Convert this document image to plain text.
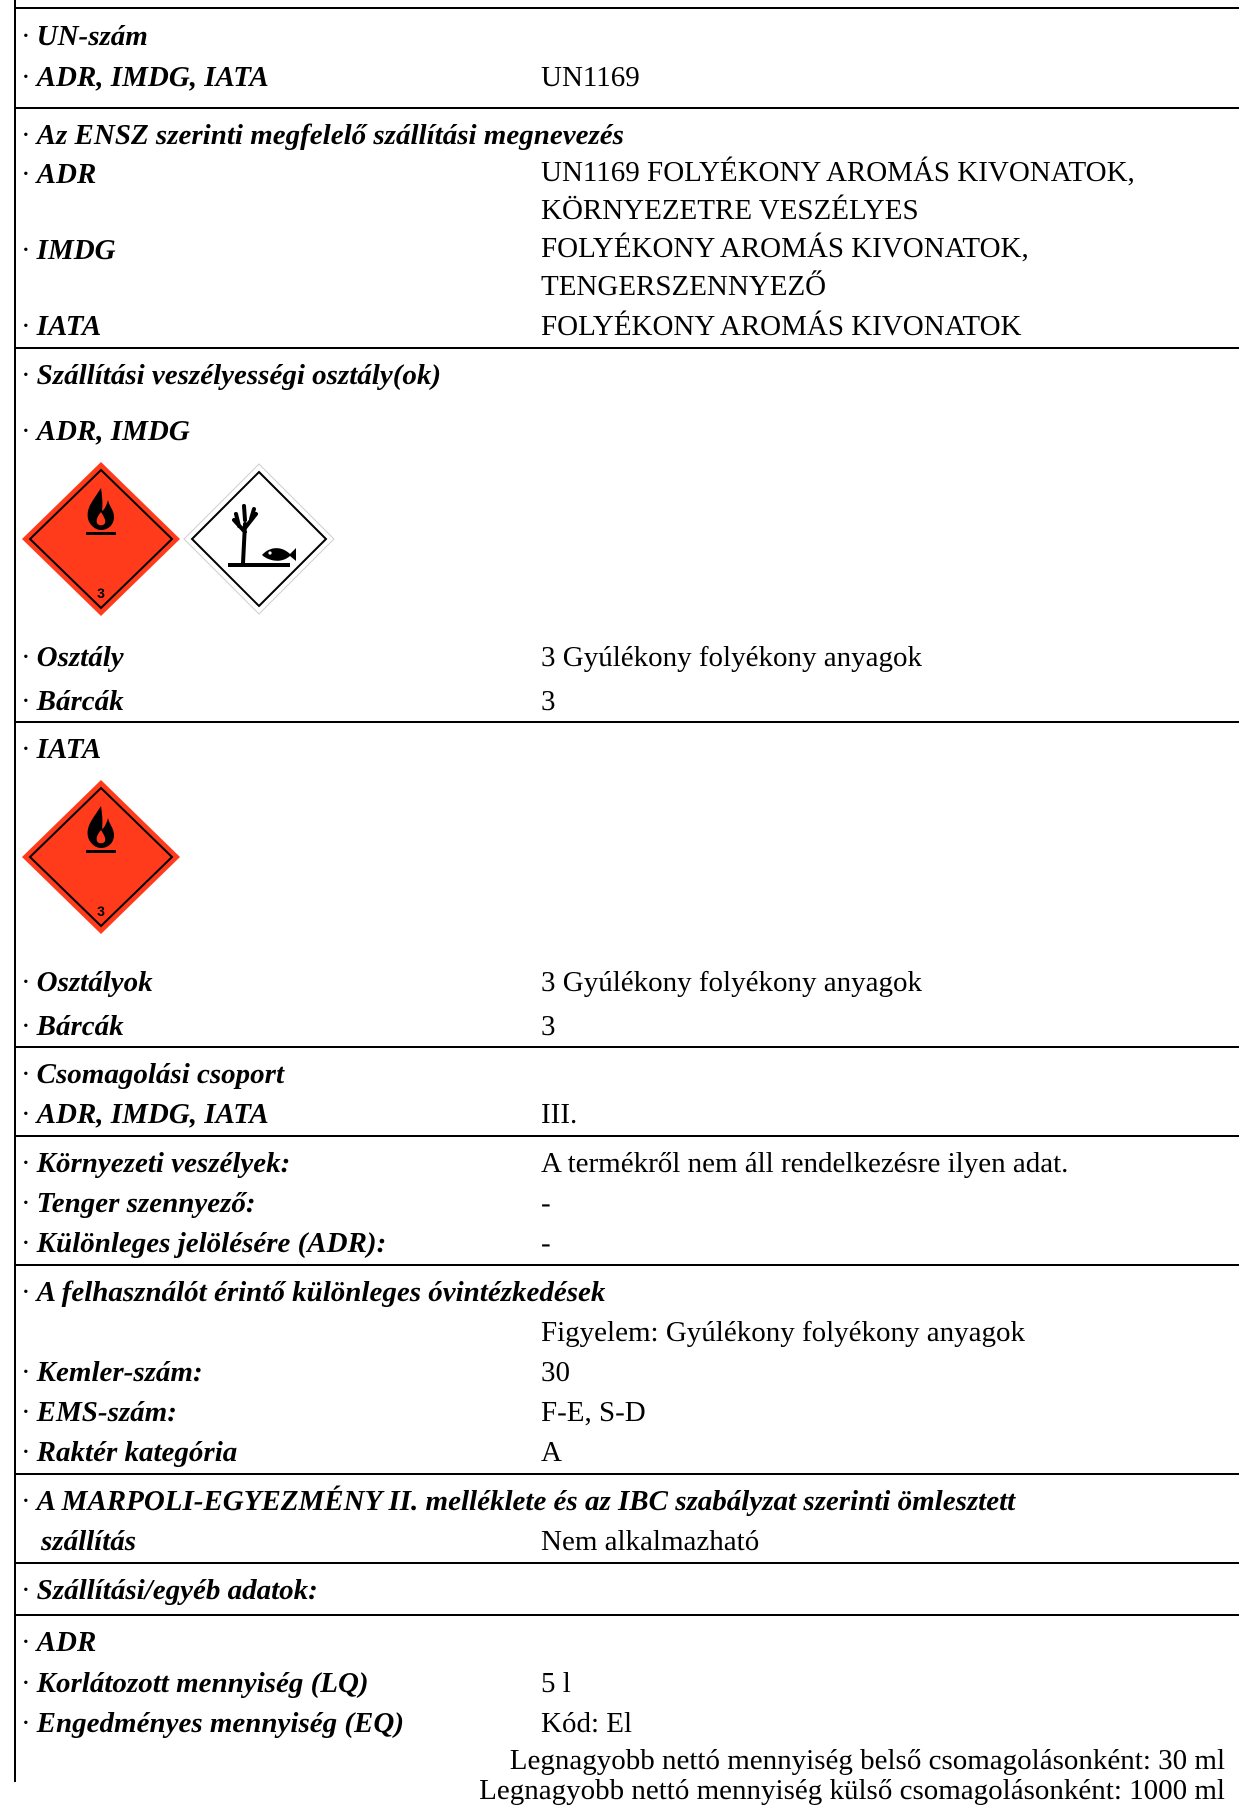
· UN-szám
· ADR, IMDG, IATA	UN1169
· Az ENSZ szerinti megfelelő szállítási megnevezés
· ADR	UN1169 FOLYÉKONY AROMÁS KIVONATOK,
KÖRNYEZETRE VESZÉLYES
· IMDG	FOLYÉKONY AROMÁS KIVONATOK,
TENGERSZENNYEZŐ
· IATA	FOLYÉKONY AROMÁS KIVONATOK
· Szállítási veszélyességi osztály(ok)
· ADR, IMDG
3
· Osztály	3 Gyúlékony folyékony anyagok
· Bárcák	3
· IATA
3
· Osztályok	3 Gyúlékony folyékony anyagok
· Bárcák	3
· Csomagolási csoport
· ADR, IMDG, IATA	III.
· Környezeti veszélyek:	A termékről nem áll rendelkezésre ilyen adat.
· Tenger szennyező:	-
· Különleges jelölésére (ADR):	-
· A felhasználót érintő különleges óvintézkedések
Figyelem: Gyúlékony folyékony anyagok
· Kemler-szám:	30
· EMS-szám:	F-E, S-D
· Raktér kategória	A
· A MARPOLI-EGYEZMÉNY II. melléklete és az IBC szabályzat szerinti ömlesztett
szállítás	Nem alkalmazható
· Szállítási/egyéb adatok:
· ADR
· Korlátozott mennyiség (LQ)	5 l
· Engedményes mennyiség (EQ)	Kód: El
Legnagyobb nettó mennyiség belső csomagolásonként: 30 ml
Legnagyobb nettó mennyiség külső csomagolásonként: 1000 ml
